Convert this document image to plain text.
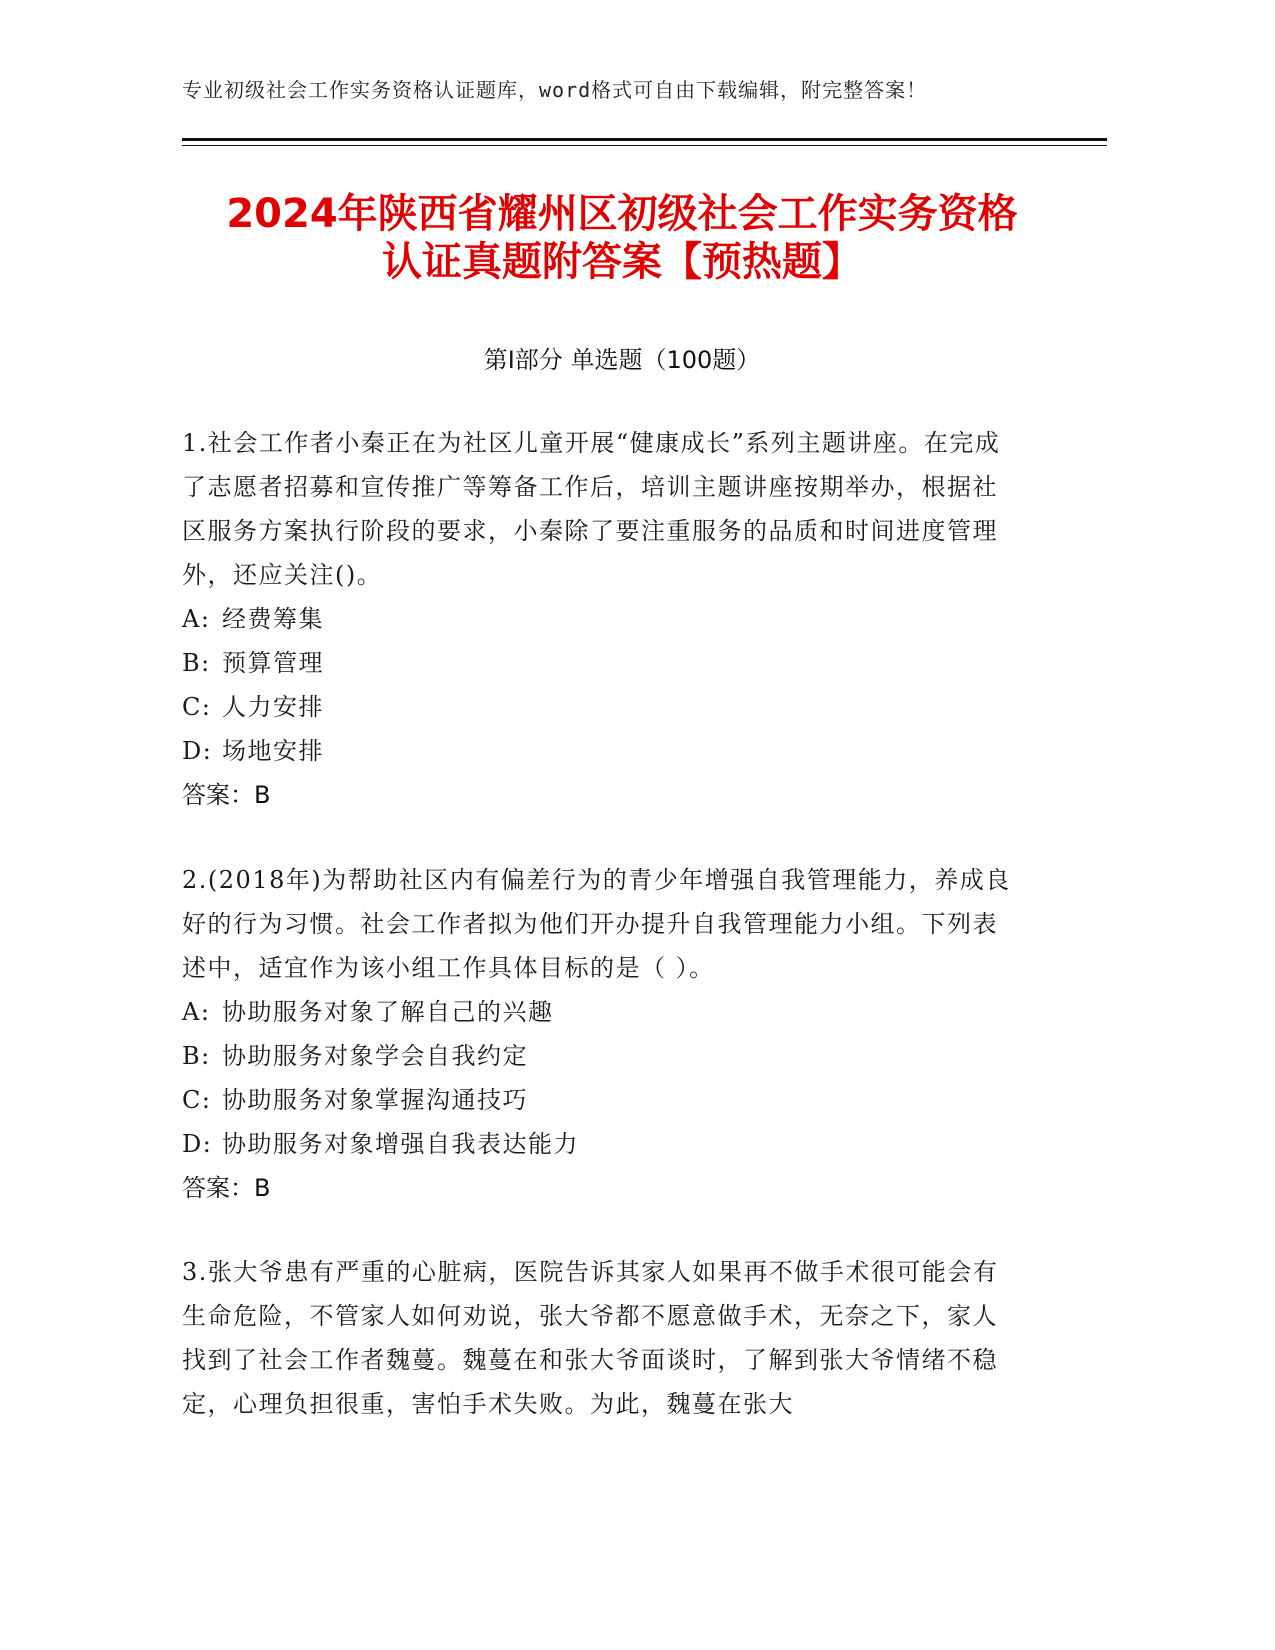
专业初级社会工作实务资格认证题库，word格式可自由下载编辑，附完整答案！
2024年陕西省耀州区初级社会工作实务资格
认证真题附答案【预热题】
第Ⅰ部分 单选题（100题）

1.社会工作者小秦正在为社区儿童开展“健康成长”系列主题讲座。在完成了志愿者招募和宣传推广等筹备工作后，培训主题讲座按期举办，根据社区服务方案执行阶段的要求，小秦除了要注重服务的品质和时间进度管理外，还应关注()。

A: 经费筹集
B: 预算管理
C: 人力安排
D: 场地安排

答案：B

2.(2018年)为帮助社区内有偏差行为的青少年增强自我管理能力，养成良好的行为习惯。社会工作者拟为他们开办提升自我管理能力小组。下列表述中，适宜作为该小组工作具体目标的是（ ）。

A: 协助服务对象了解自己的兴趣
B: 协助服务对象学会自我约定
C: 协助服务对象掌握沟通技巧
D: 协助服务对象增强自我表达能力

答案：B

3.张大爷患有严重的心脏病，医院告诉其家人如果再不做手术很可能会有生命危险，不管家人如何劝说，张大爷都不愿意做手术，无奈之下，家人找到了社会工作者魏蔓。魏蔓在和张大爷面谈时，了解到张大爷情绪不稳定，心理负担很重，害怕手术失败。为此，魏蔓在张大
